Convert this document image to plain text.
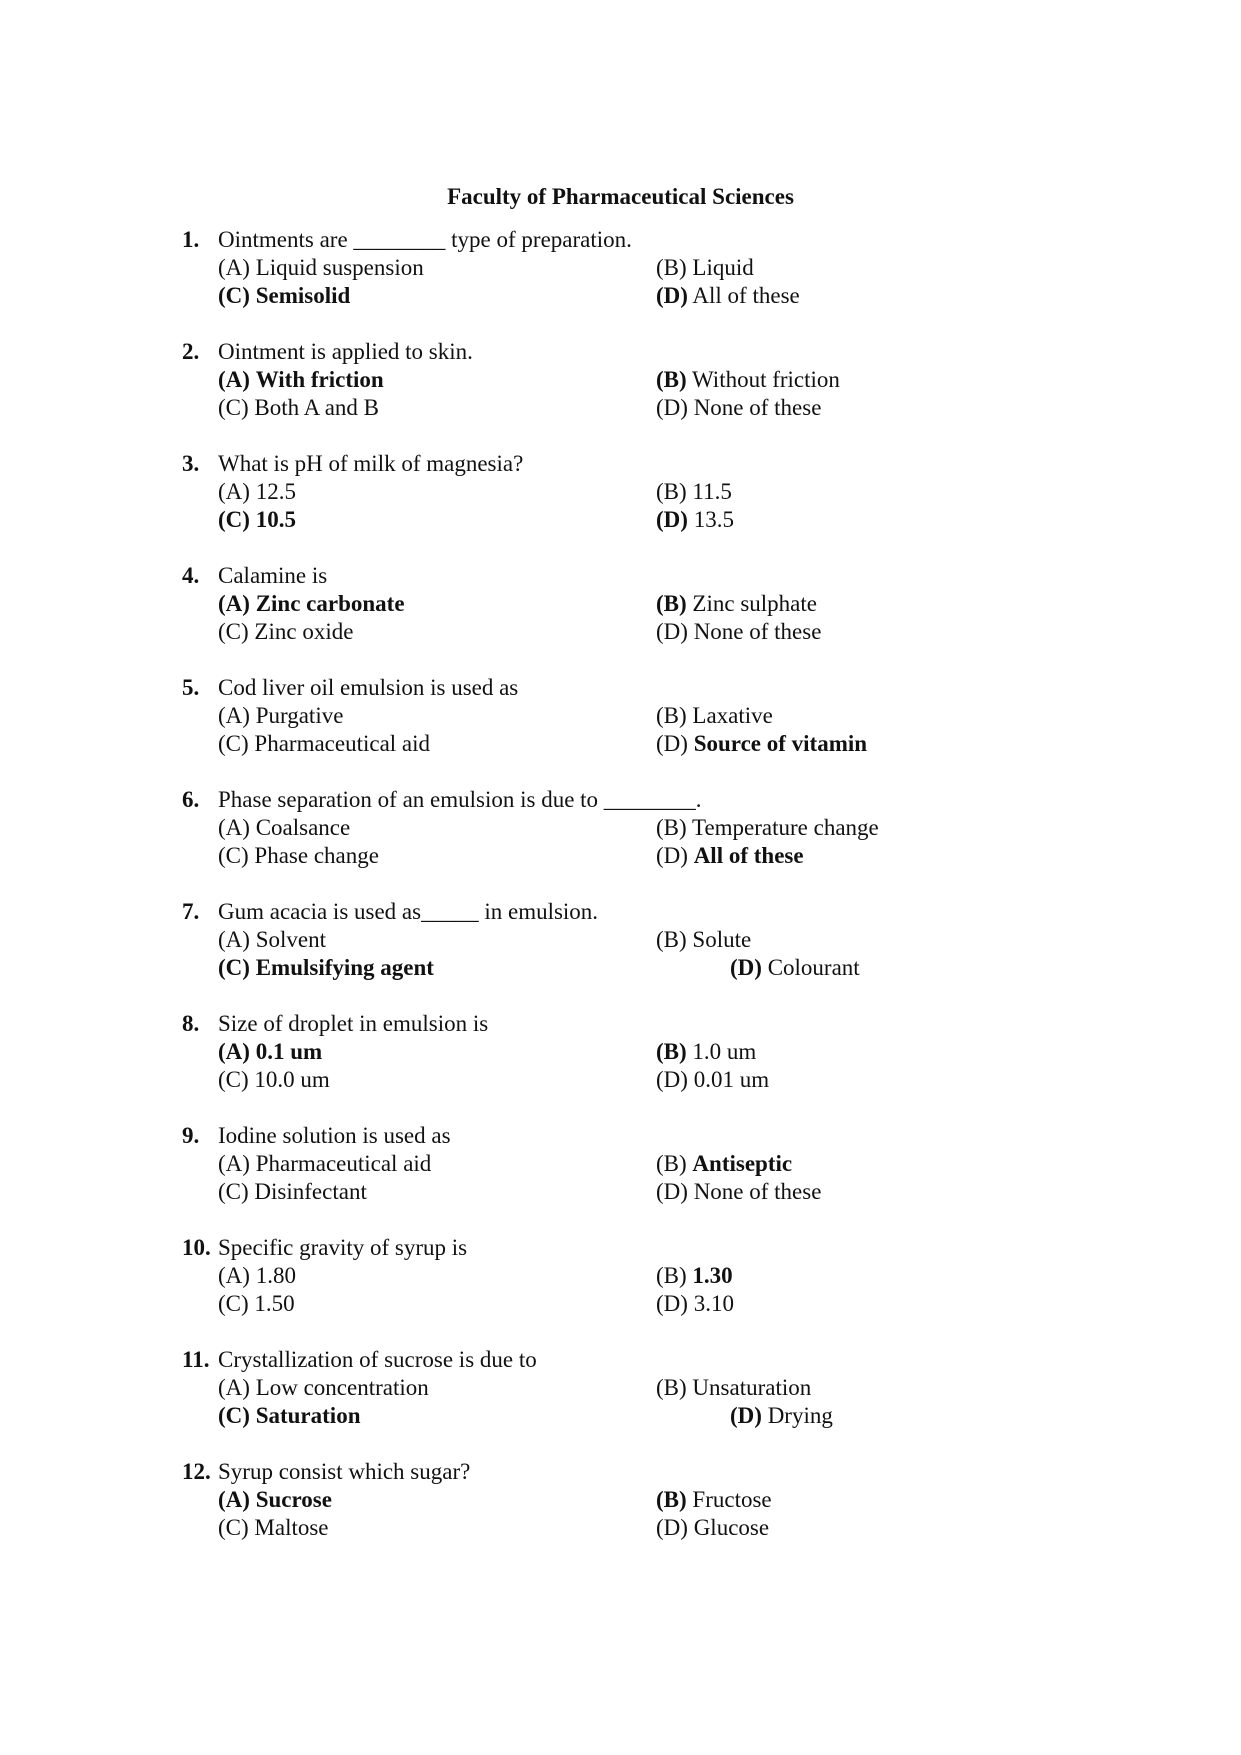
Faculty of Pharmaceutical Sciences
1. Ointments are ________ type of preparation.
(A) Liquid suspension	(B) Liquid
(C) Semisolid	(D) All of these
2. Ointment is applied to skin.
(A) With friction	(B) Without friction
(C) Both A and B	(D) None of these
3. What is pH of milk of magnesia?
(A) 12.5	(B) 11.5
(C) 10.5	(D) 13.5
4. Calamine is
(A) Zinc carbonate	(B) Zinc sulphate
(C) Zinc oxide	(D) None of these
5. Cod liver oil emulsion is used as
(A) Purgative	(B) Laxative
(C) Pharmaceutical aid	(D) Source of vitamin
6. Phase separation of an emulsion is due to ________.
(A) Coalsance	(B) Temperature change
(C) Phase change	(D) All of these
7. Gum acacia is used as_____ in emulsion.
(A) Solvent	(B) Solute
(C) Emulsifying agent	(D) Colourant
8. Size of droplet in emulsion is
(A) 0.1 um	(B) 1.0 um
(C) 10.0 um	(D) 0.01 um
9. Iodine solution is used as
(A) Pharmaceutical aid	(B) Antiseptic
(C) Disinfectant	(D) None of these
10. Specific gravity of syrup is
(A) 1.80	(B) 1.30
(C) 1.50	(D) 3.10
11. Crystallization of sucrose is due to
(A) Low concentration	(B) Unsaturation
(C) Saturation	(D) Drying
12. Syrup consist which sugar?
(A) Sucrose	(B) Fructose
(C) Maltose	(D) Glucose
